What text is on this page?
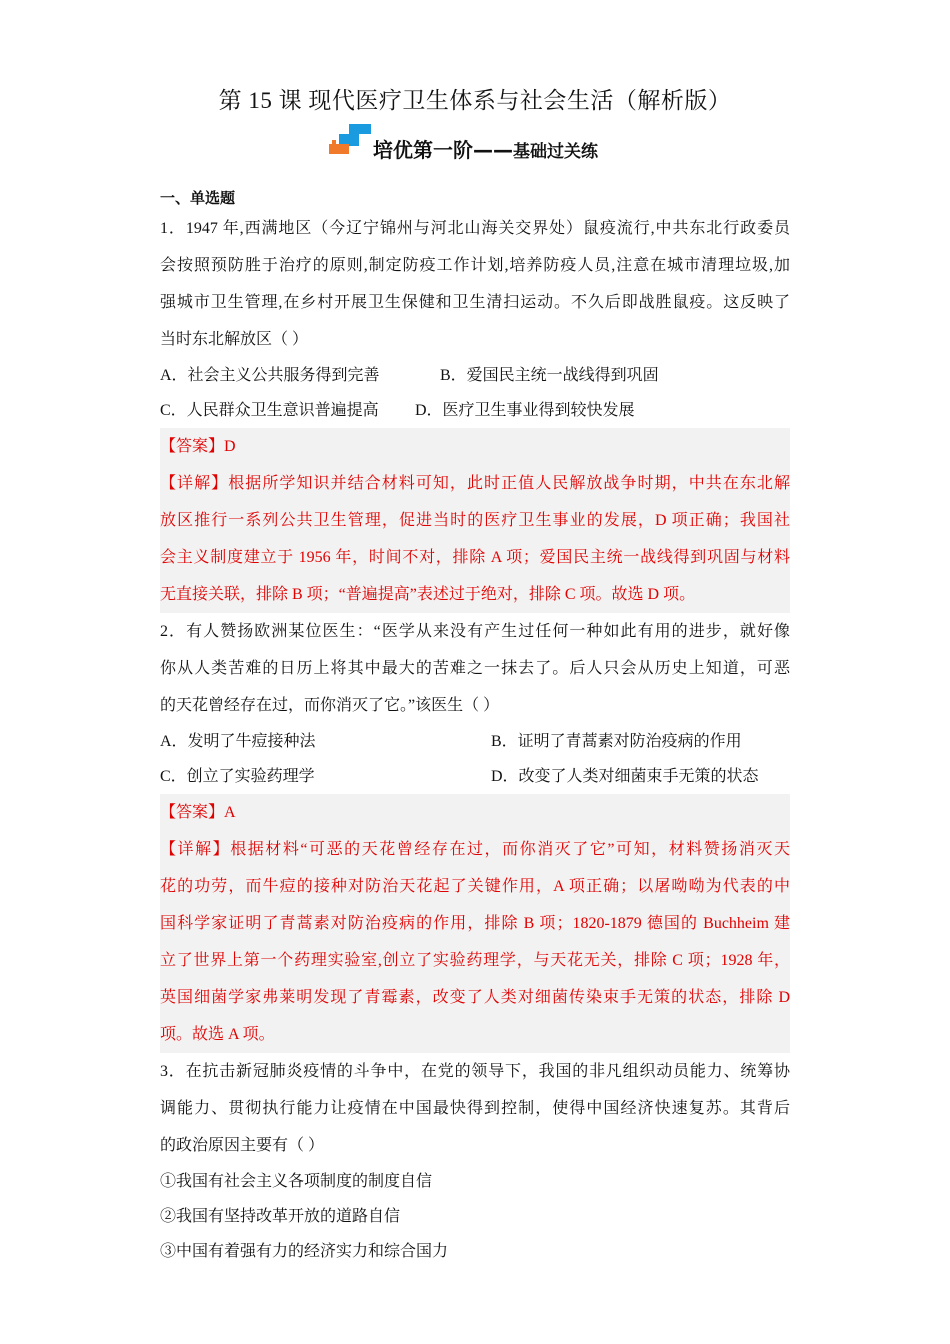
第 15 课 现代医疗卫生体系与社会生活（解析版）
培优第一阶——基础过关练
一、单选题
1．1947 年,西满地区（今辽宁锦州与河北山海关交界处）鼠疫流行,中共东北行政委员
会按照预防胜于治疗的原则,制定防疫工作计划,培养防疫人员,注意在城市清理垃圾,加
强城市卫生管理,在乡村开展卫生保健和卫生清扫运动。不久后即战胜鼠疫。这反映了
当时东北解放区（ ）
A．社会主义公共服务得到完善	B．爱国民主统一战线得到巩固
C．人民群众卫生意识普遍提高	D．医疗卫生事业得到较快发展
【答案】D
【详解】根据所学知识并结合材料可知，此时正值人民解放战争时期，中共在东北解
放区推行一系列公共卫生管理，促进当时的医疗卫生事业的发展，D 项正确；我国社
会主义制度建立于 1956 年，时间不对，排除 A 项；爱国民主统一战线得到巩固与材料
无直接关联，排除 B 项；“普遍提高”表述过于绝对，排除 C 项。故选 D 项。
2．有人赞扬欧洲某位医生：“医学从来没有产生过任何一种如此有用的进步，就好像
你从人类苦难的日历上将其中最大的苦难之一抹去了。后人只会从历史上知道，可恶
的天花曾经存在过，而你消灭了它。”该医生（ ）
A．发明了牛痘接种法	B．证明了青蒿素对防治疫病的作用
C．创立了实验药理学	D．改变了人类对细菌束手无策的状态
【答案】A
【详解】根据材料“可恶的天花曾经存在过，而你消灭了它”可知，材料赞扬消灭天
花的功劳，而牛痘的接种对防治天花起了关键作用，A 项正确；以屠呦呦为代表的中
国科学家证明了青蒿素对防治疫病的作用，排除 B 项；1820-1879 德国的 Buchheim 建
立了世界上第一个药理实验室,创立了实验药理学，与天花无关，排除 C 项；1928 年，
英国细菌学家弗莱明发现了青霉素，改变了人类对细菌传染束手无策的状态，排除 D
项。故选 A 项。
3．在抗击新冠肺炎疫情的斗争中，在党的领导下，我国的非凡组织动员能力、统筹协
调能力、贯彻执行能力让疫情在中国最快得到控制，使得中国经济快速复苏。其背后
的政治原因主要有（ ）
①我国有社会主义各项制度的制度自信
②我国有坚持改革开放的道路自信
③中国有着强有力的经济实力和综合国力
